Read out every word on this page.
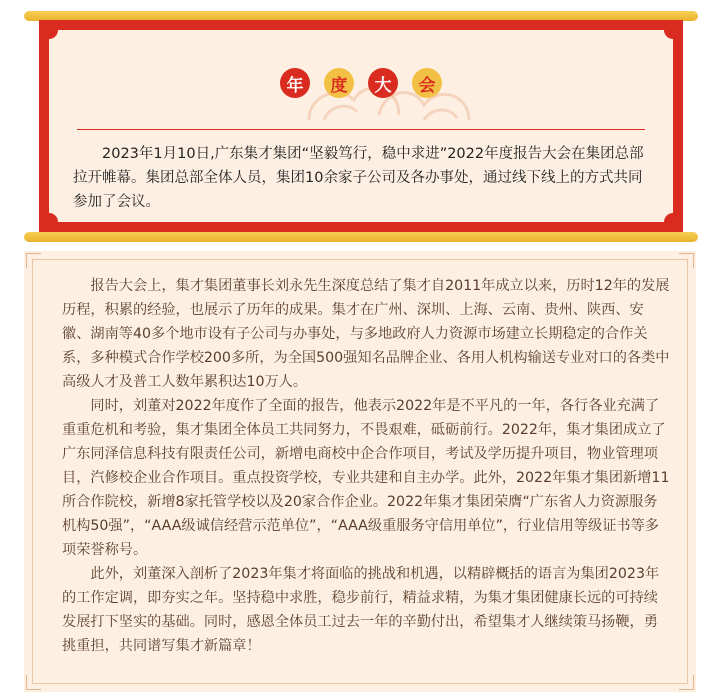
年	度	大	会

2023年1月10日,广东集才集团“坚毅笃行，稳中求进”2022年度报告大会在集团总部拉开帷幕。集团总部全体人员，集团10余家子公司及各办事处，通过线下线上的方式共同参加了会议。

报告大会上，集才集团董事长刘永先生深度总结了集才自2011年成立以来，历时12年的发展历程，积累的经验，也展示了历年的成果。集才在广州、深圳、上海、云南、贵州、陕西、安徽、湖南等40多个地市设有子公司与办事处，与多地政府人力资源市场建立长期稳定的合作关系，多种模式合作学校200多所，为全国500强知名品牌企业、各用人机构输送专业对口的各类中高级人才及普工人数年累积达10万人。

同时，刘董对2022年度作了全面的报告，他表示2022年是不平凡的一年，各行各业充满了重重危机和考验，集才集团全体员工共同努力，不畏艰难，砥砺前行。2022年，集才集团成立了广东同泽信息科技有限责任公司，新增电商校中企合作项目，考试及学历提升项目，物业管理项目，汽修校企业合作项目。重点投资学校，专业共建和自主办学。此外，2022年集才集团新增11所合作院校，新增8家托管学校以及20家合作企业。2022年集才集团荣膺“广东省人力资源服务机构50强”，“AAA级诚信经营示范单位”，“AAA级重服务守信用单位”，行业信用等级证书等多项荣誉称号。

此外，刘董深入剖析了2023年集才将面临的挑战和机遇，以精辟概括的语言为集团2023年的工作定调，即夯实之年。坚持稳中求胜，稳步前行，精益求精，为集才集团健康长远的可持续发展打下坚实的基础。同时，感恩全体员工过去一年的辛勤付出，希望集才人继续策马扬鞭，勇挑重担，共同谱写集才新篇章！
